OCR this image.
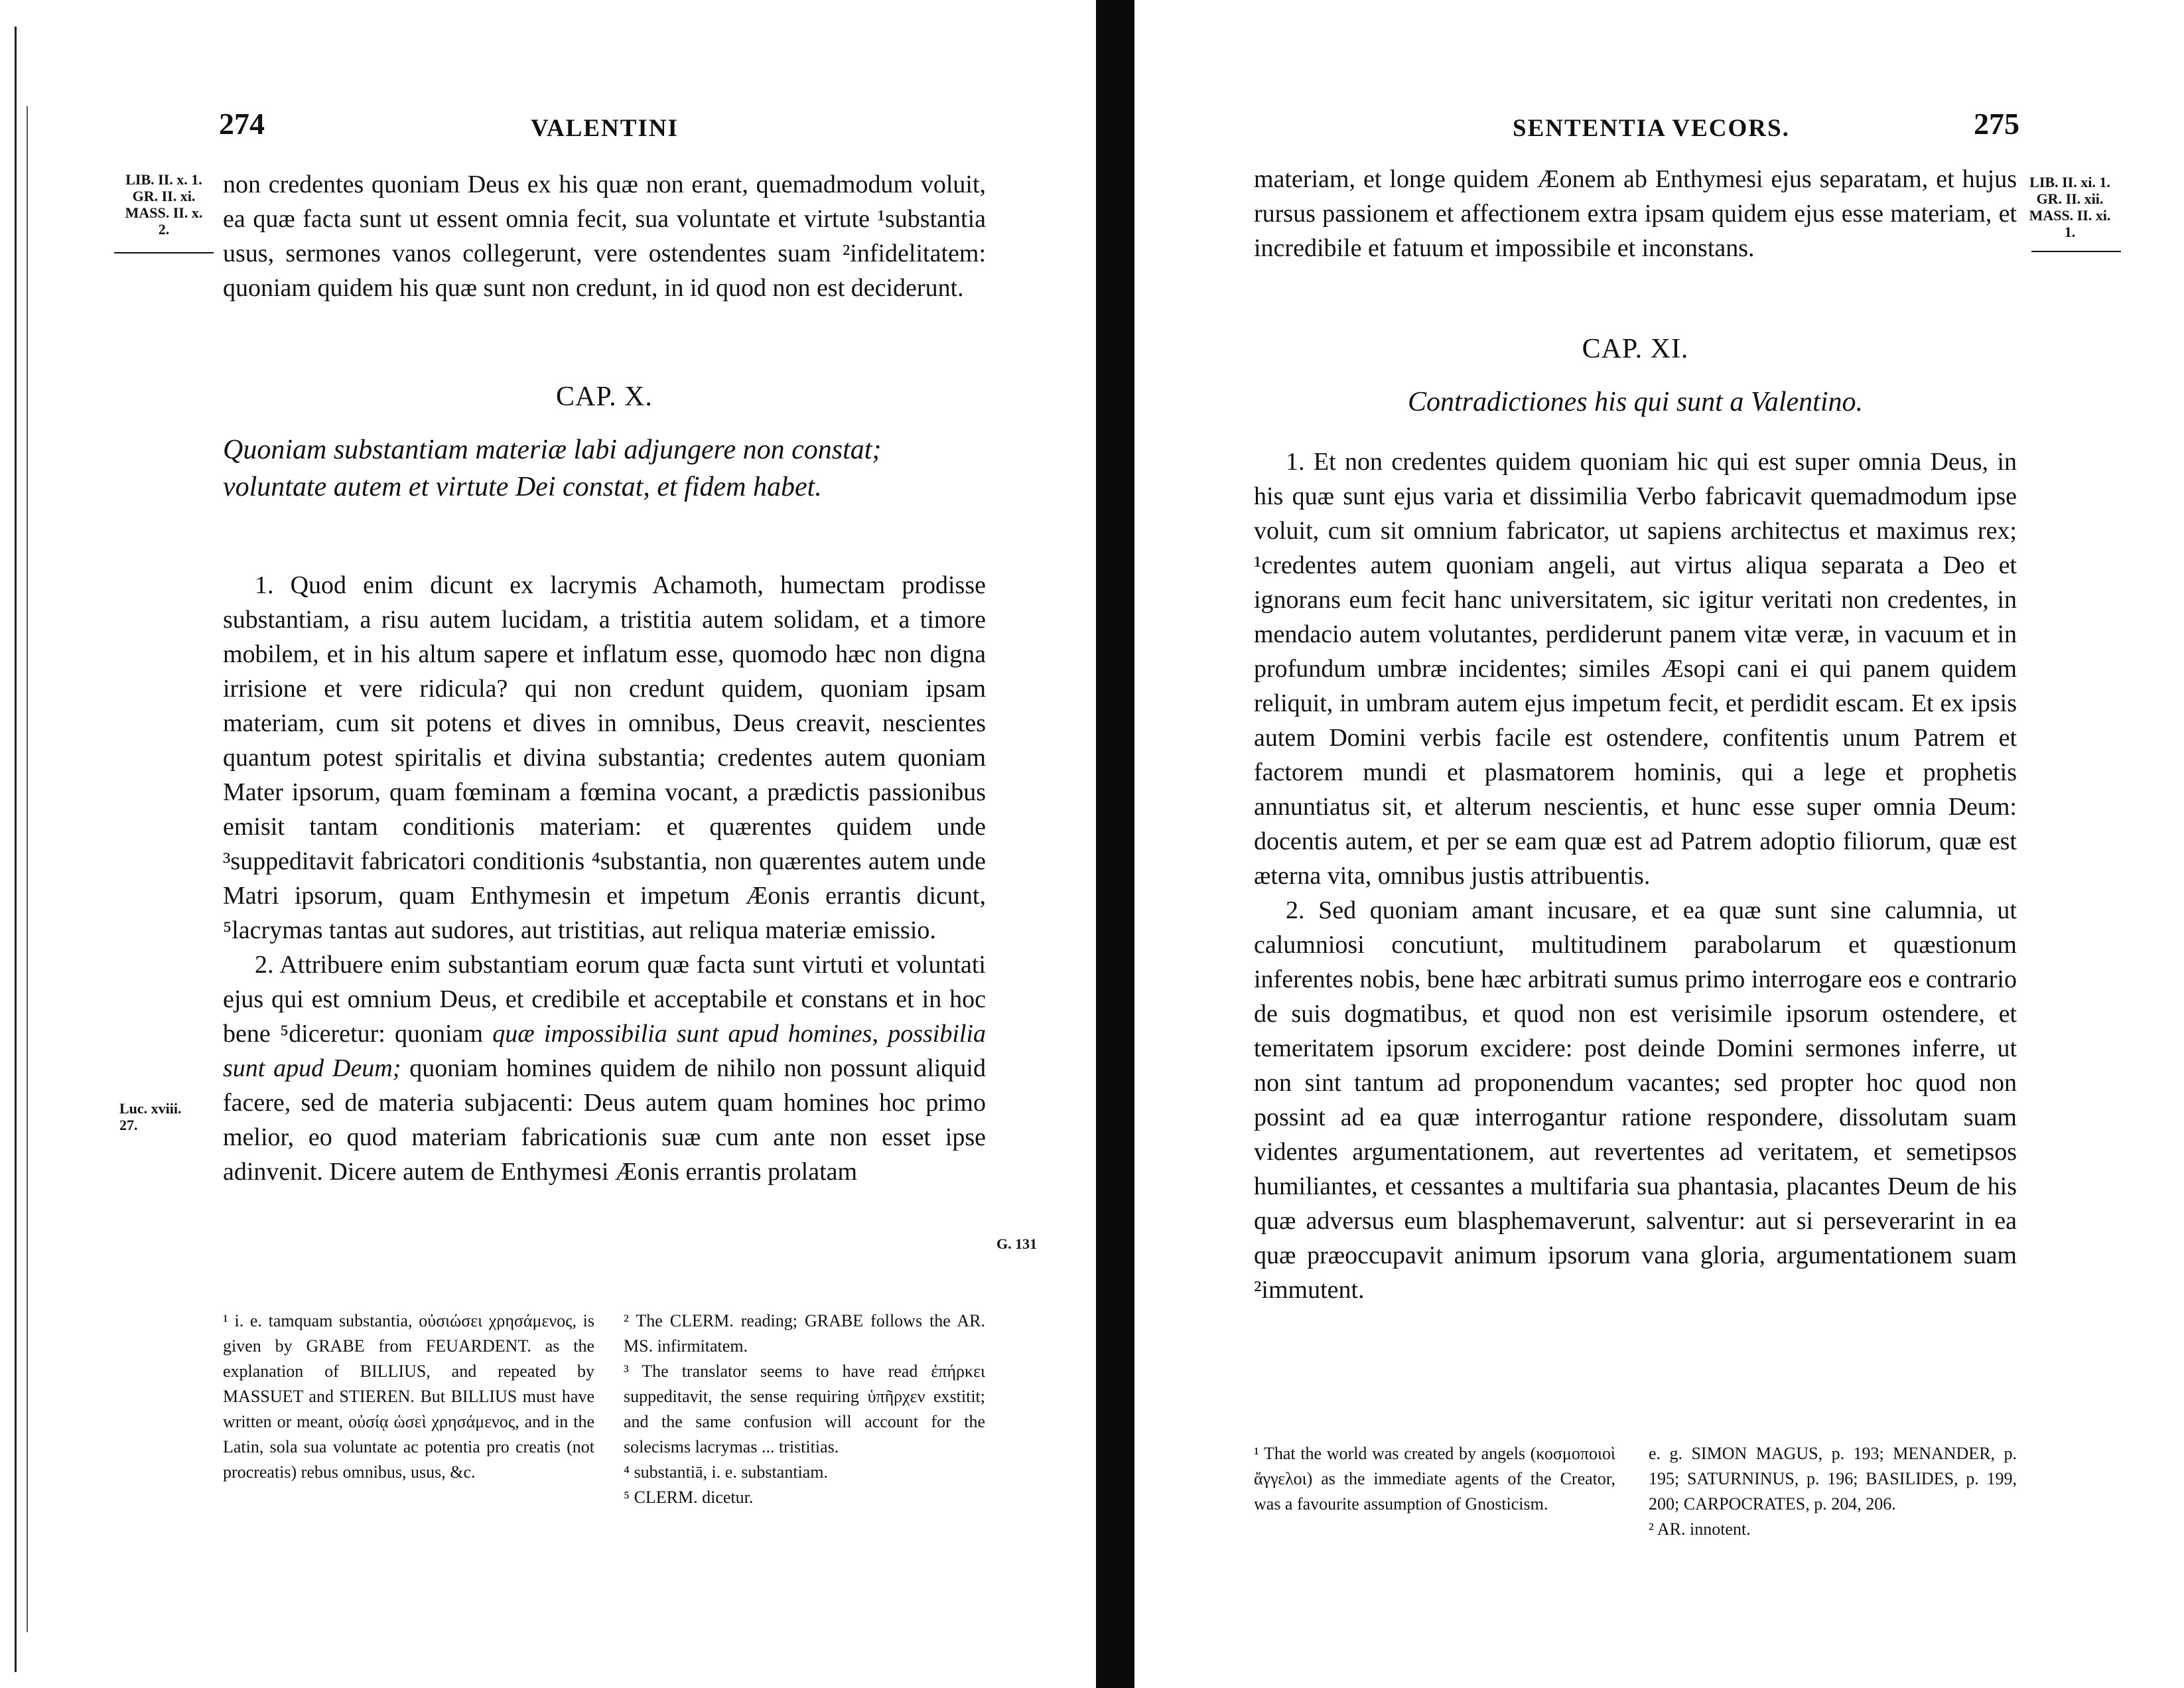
274	VALENTINI
LIB. II. x. 1.
GR. II. xi.
MASS. II. x.
2.

non credentes quoniam Deus ex his quæ non erant, quemadmodum voluit, ea quæ facta sunt ut essent omnia fecit, sua voluntate et virtute ¹substantia usus, sermones vanos collegerunt, vere ostendentes suam ²infidelitatem: quoniam quidem his quæ sunt non credunt, in id quod non est deciderunt.

CAP. X.
Quoniam substantiam materiæ labi adjungere non constat; voluntate autem et virtute Dei constat, et fidem habet.

1. Quod enim dicunt ex lacrymis Achamoth, humectam prodisse substantiam, a risu autem lucidam, a tristitia autem solidam, et a timore mobilem, et in his altum sapere et inflatum esse, quomodo hæc non digna irrisione et vere ridicula? qui non credunt quidem, quoniam ipsam materiam, cum sit potens et dives in omnibus, Deus creavit, nescientes quantum potest spiritalis et divina substantia; credentes autem quoniam Mater ipsorum, quam fœminam a fœmina vocant, a prædictis passionibus emisit tantam conditionis materiam: et quærentes quidem unde ³suppeditavit fabricatori conditionis ⁴substantia, non quærentes autem unde Matri ipsorum, quam Enthymesin et impetum Æonis errantis dicunt, ⁵lacrymas tantas aut sudores, aut tristitias, aut reliqua materiæ emissio.

2. Attribuere enim substantiam eorum quæ facta sunt virtuti et voluntati ejus qui est omnium Deus, et credibile et acceptabile et constans et in hoc bene ⁵diceretur: quoniam quæ impossibilia sunt apud homines, possibilia sunt apud Deum; quoniam homines quidem de nihilo non possunt aliquid facere, sed de materia subjacenti: Deus autem quam homines hoc primo melior, eo quod materiam fabricationis suæ cum ante non esset ipse adinvenit. Dicere autem de Enthymesi Æonis errantis prolatam

Luc. xviii.
27.
G. 131

¹ i. e. tamquam substantia, οὐσιώσει χρησάμενος, is given by GRABE from FEUARDENT. as the explanation of BILLIUS, and repeated by MASSUET and STIEREN. But BILLIUS must have written or meant, οὐσίᾳ ὡσεὶ χρησάμενος, and in the Latin, sola sua voluntate ac potentia pro creatis (not procreatis) rebus omnibus, usus, &c.

² The CLERM. reading; GRABE follows the AR. MS. infirmitatem.

³ The translator seems to have read ἐπήρκει suppeditavit, the sense requiring ὑπῆρχεν exstitit; and the same confusion will account for the solecisms lacrymas ... tristitias.

⁴ substantiā, i. e. substantiam.

⁵ CLERM. dicetur.

SENTENTIA VECORS.	275

materiam, et longe quidem Æonem ab Enthymesi ejus separatam, et hujus rursus passionem et affectionem extra ipsam quidem ejus esse materiam, et incredibile et fatuum et impossibile et inconstans.

LIB. II. xi. 1.
GR. II. xii.
MASS. II. xi.
1.
CAP. XI.
Contradictiones his qui sunt a Valentino.

1. Et non credentes quidem quoniam hic qui est super omnia Deus, in his quæ sunt ejus varia et dissimilia Verbo fabricavit quemadmodum ipse voluit, cum sit omnium fabricator, ut sapiens architectus et maximus rex; ¹credentes autem quoniam angeli, aut virtus aliqua separata a Deo et ignorans eum fecit hanc universitatem, sic igitur veritati non credentes, in mendacio autem volutantes, perdiderunt panem vitæ veræ, in vacuum et in profundum umbræ incidentes; similes Æsopi cani ei qui panem quidem reliquit, in umbram autem ejus impetum fecit, et perdidit escam. Et ex ipsis autem Domini verbis facile est ostendere, confitentis unum Patrem et factorem mundi et plasmatorem hominis, qui a lege et prophetis annuntiatus sit, et alterum nescientis, et hunc esse super omnia Deum: docentis autem, et per se eam quæ est ad Patrem adoptio filiorum, quæ est æterna vita, omnibus justis attribuentis.

2. Sed quoniam amant incusare, et ea quæ sunt sine calumnia, ut calumniosi concutiunt, multitudinem parabolarum et quæstionum inferentes nobis, bene hæc arbitrati sumus primo interrogare eos e contrario de suis dogmatibus, et quod non est verisimile ipsorum ostendere, et temeritatem ipsorum excidere: post deinde Domini sermones inferre, ut non sint tantum ad proponendum vacantes; sed propter hoc quod non possint ad ea quæ interrogantur ratione respondere, dissolutam suam videntes argumentationem, aut revertentes ad veritatem, et semetipsos humiliantes, et cessantes a multifaria sua phantasia, placantes Deum de his quæ adversus eum blasphemaverunt, salventur: aut si perseverarint in ea quæ præoccupavit animum ipsorum vana gloria, argumentationem suam ²immutent.

¹ That the world was created by angels (κοσμοποιοὶ ἄγγελοι) as the immediate agents of the Creator, was a favourite assumption of Gnosticism.

e. g. SIMON MAGUS, p. 193; MENANDER, p. 195; SATURNINUS, p. 196; BASILIDES, p. 199, 200; CARPOCRATES, p. 204, 206.

² AR. innotent.
